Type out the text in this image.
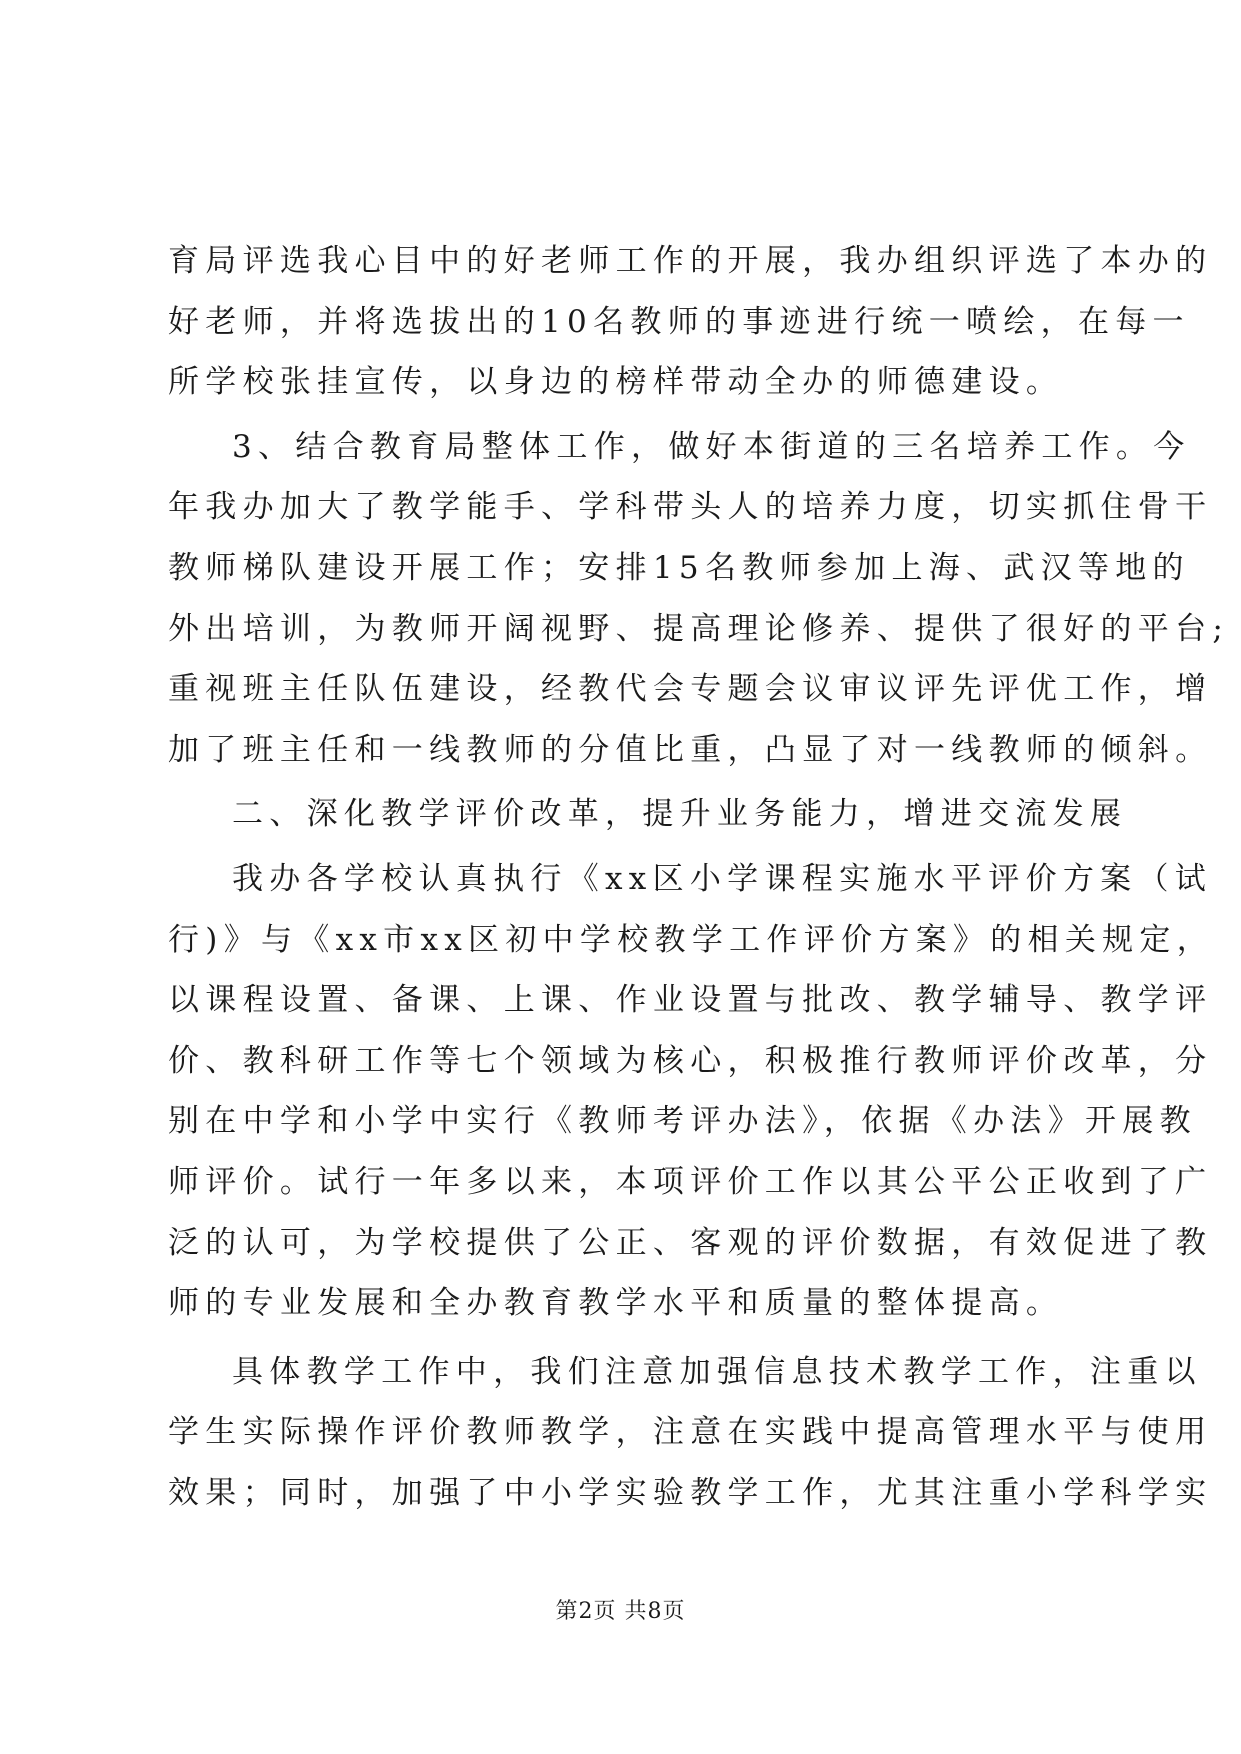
育局评选我心目中的好老师工作的开展，我办组织评选了本办的
好老师，并将选拔出的10名教师的事迹进行统一喷绘，在每一
所学校张挂宣传，以身边的榜样带动全办的师德建设。
3、结合教育局整体工作，做好本街道的三名培养工作。今
年我办加大了教学能手、学科带头人的培养力度，切实抓住骨干
教师梯队建设开展工作；安排15名教师参加上海、武汉等地的
外出培训，为教师开阔视野、提高理论修养、提供了很好的平台;
重视班主任队伍建设，经教代会专题会议审议评先评优工作，增
加了班主任和一线教师的分值比重，凸显了对一线教师的倾斜。
二、深化教学评价改革，提升业务能力，增进交流发展
我办各学校认真执行《xx区小学课程实施水平评价方案（试
行)》与《xx市xx区初中学校教学工作评价方案》的相关规定，
以课程设置、备课、上课、作业设置与批改、教学辅导、教学评
价、教科研工作等七个领域为核心，积极推行教师评价改革，分
别在中学和小学中实行《教师考评办法》，依据《办法》开展教
师评价。试行一年多以来，本项评价工作以其公平公正收到了广
泛的认可，为学校提供了公正、客观的评价数据，有效促进了教
师的专业发展和全办教育教学水平和质量的整体提高。
具体教学工作中，我们注意加强信息技术教学工作，注重以
学生实际操作评价教师教学，注意在实践中提高管理水平与使用
效果；同时，加强了中小学实验教学工作，尤其注重小学科学实
第2页 共8页
